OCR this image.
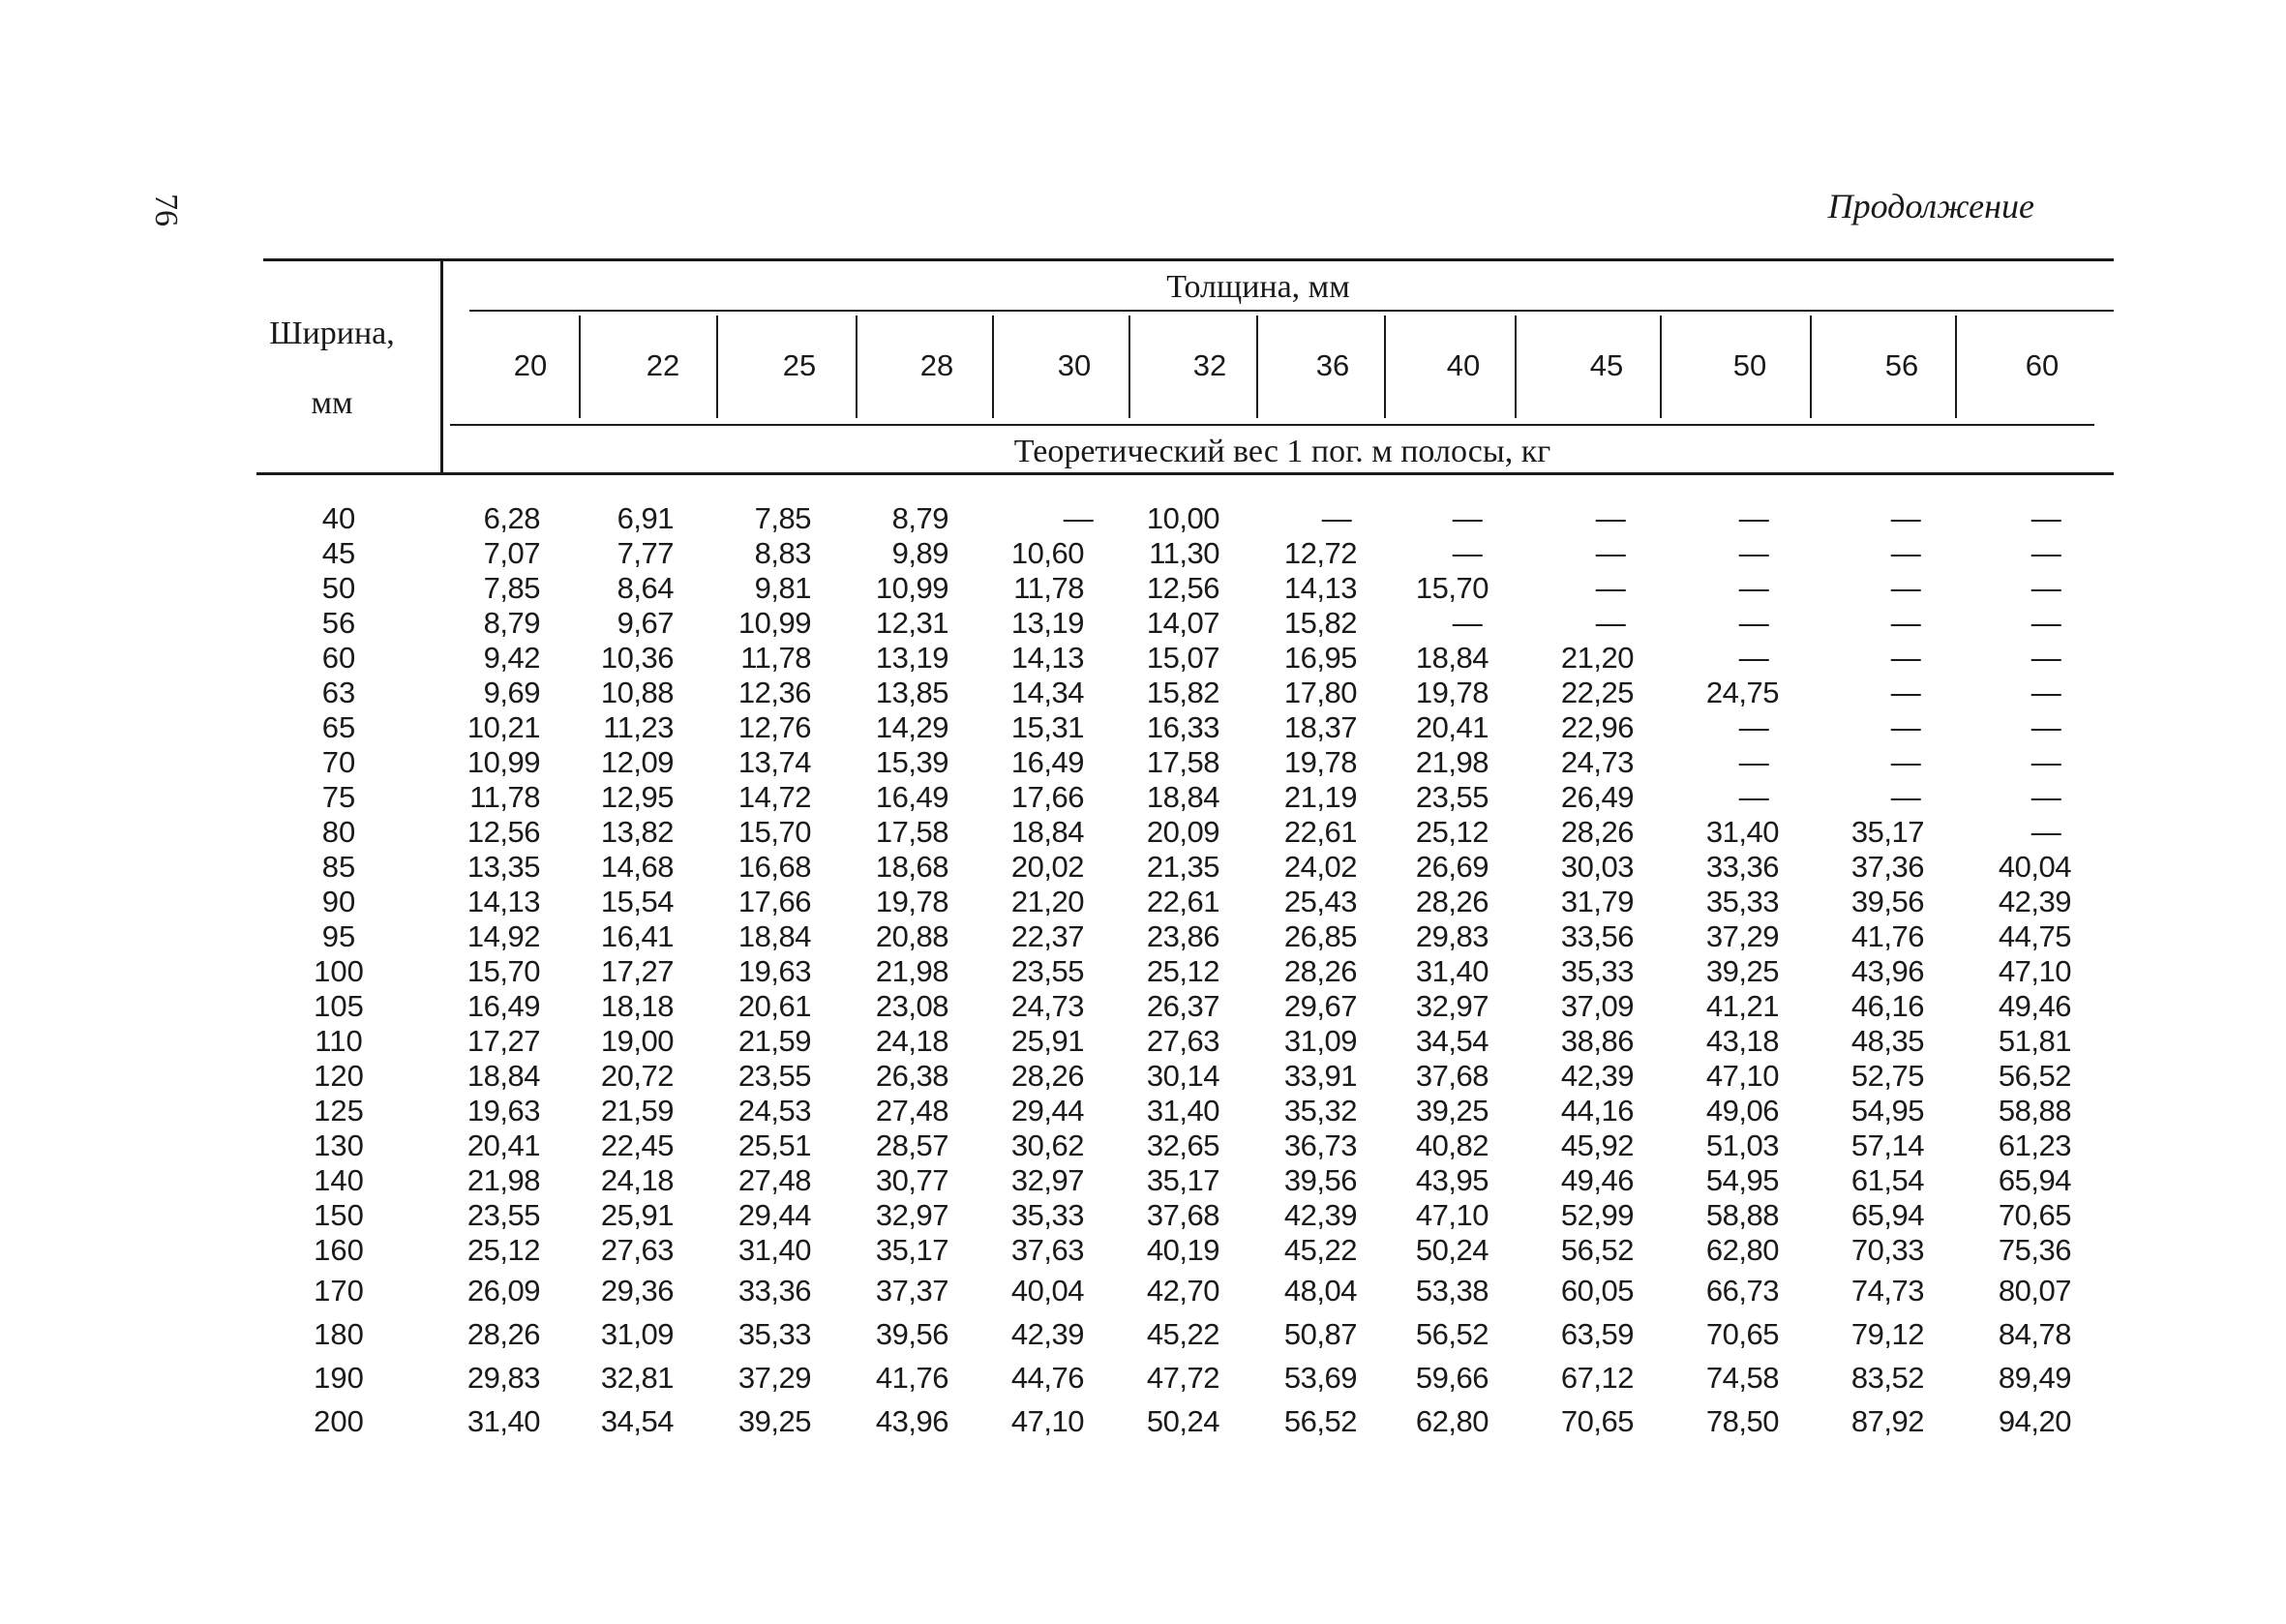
76	Продолжение
Ширина,
мм
Толщина, мм
Теоретический вес 1 пог. м полосы, кг
20	22	25	28	30	32	36	40	45	50	56	60
40	6,28	6,91	7,85	8,79	—	10,00	—	—	—	—	—	—
45	7,07	7,77	8,83	9,89	10,60	11,30	12,72	—	—	—	—	—
50	7,85	8,64	9,81	10,99	11,78	12,56	14,13	15,70	—	—	—	—
56	8,79	9,67	10,99	12,31	13,19	14,07	15,82	—	—	—	—	—
60	9,42	10,36	11,78	13,19	14,13	15,07	16,95	18,84	21,20	—	—	—
63	9,69	10,88	12,36	13,85	14,34	15,82	17,80	19,78	22,25	24,75	—	—
65	10,21	11,23	12,76	14,29	15,31	16,33	18,37	20,41	22,96	—	—	—
70	10,99	12,09	13,74	15,39	16,49	17,58	19,78	21,98	24,73	—	—	—
75	11,78	12,95	14,72	16,49	17,66	18,84	21,19	23,55	26,49	—	—	—
80	12,56	13,82	15,70	17,58	18,84	20,09	22,61	25,12	28,26	31,40	35,17	—
85	13,35	14,68	16,68	18,68	20,02	21,35	24,02	26,69	30,03	33,36	37,36	40,04
90	14,13	15,54	17,66	19,78	21,20	22,61	25,43	28,26	31,79	35,33	39,56	42,39
95	14,92	16,41	18,84	20,88	22,37	23,86	26,85	29,83	33,56	37,29	41,76	44,75
100	15,70	17,27	19,63	21,98	23,55	25,12	28,26	31,40	35,33	39,25	43,96	47,10
105	16,49	18,18	20,61	23,08	24,73	26,37	29,67	32,97	37,09	41,21	46,16	49,46
110	17,27	19,00	21,59	24,18	25,91	27,63	31,09	34,54	38,86	43,18	48,35	51,81
120	18,84	20,72	23,55	26,38	28,26	30,14	33,91	37,68	42,39	47,10	52,75	56,52
125	19,63	21,59	24,53	27,48	29,44	31,40	35,32	39,25	44,16	49,06	54,95	58,88
130	20,41	22,45	25,51	28,57	30,62	32,65	36,73	40,82	45,92	51,03	57,14	61,23
140	21,98	24,18	27,48	30,77	32,97	35,17	39,56	43,95	49,46	54,95	61,54	65,94
150	23,55	25,91	29,44	32,97	35,33	37,68	42,39	47,10	52,99	58,88	65,94	70,65
160	25,12	27,63	31,40	35,17	37,63	40,19	45,22	50,24	56,52	62,80	70,33	75,36
170	26,09	29,36	33,36	37,37	40,04	42,70	48,04	53,38	60,05	66,73	74,73	80,07
180	28,26	31,09	35,33	39,56	42,39	45,22	50,87	56,52	63,59	70,65	79,12	84,78
190	29,83	32,81	37,29	41,76	44,76	47,72	53,69	59,66	67,12	74,58	83,52	89,49
200	31,40	34,54	39,25	43,96	47,10	50,24	56,52	62,80	70,65	78,50	87,92	94,20
